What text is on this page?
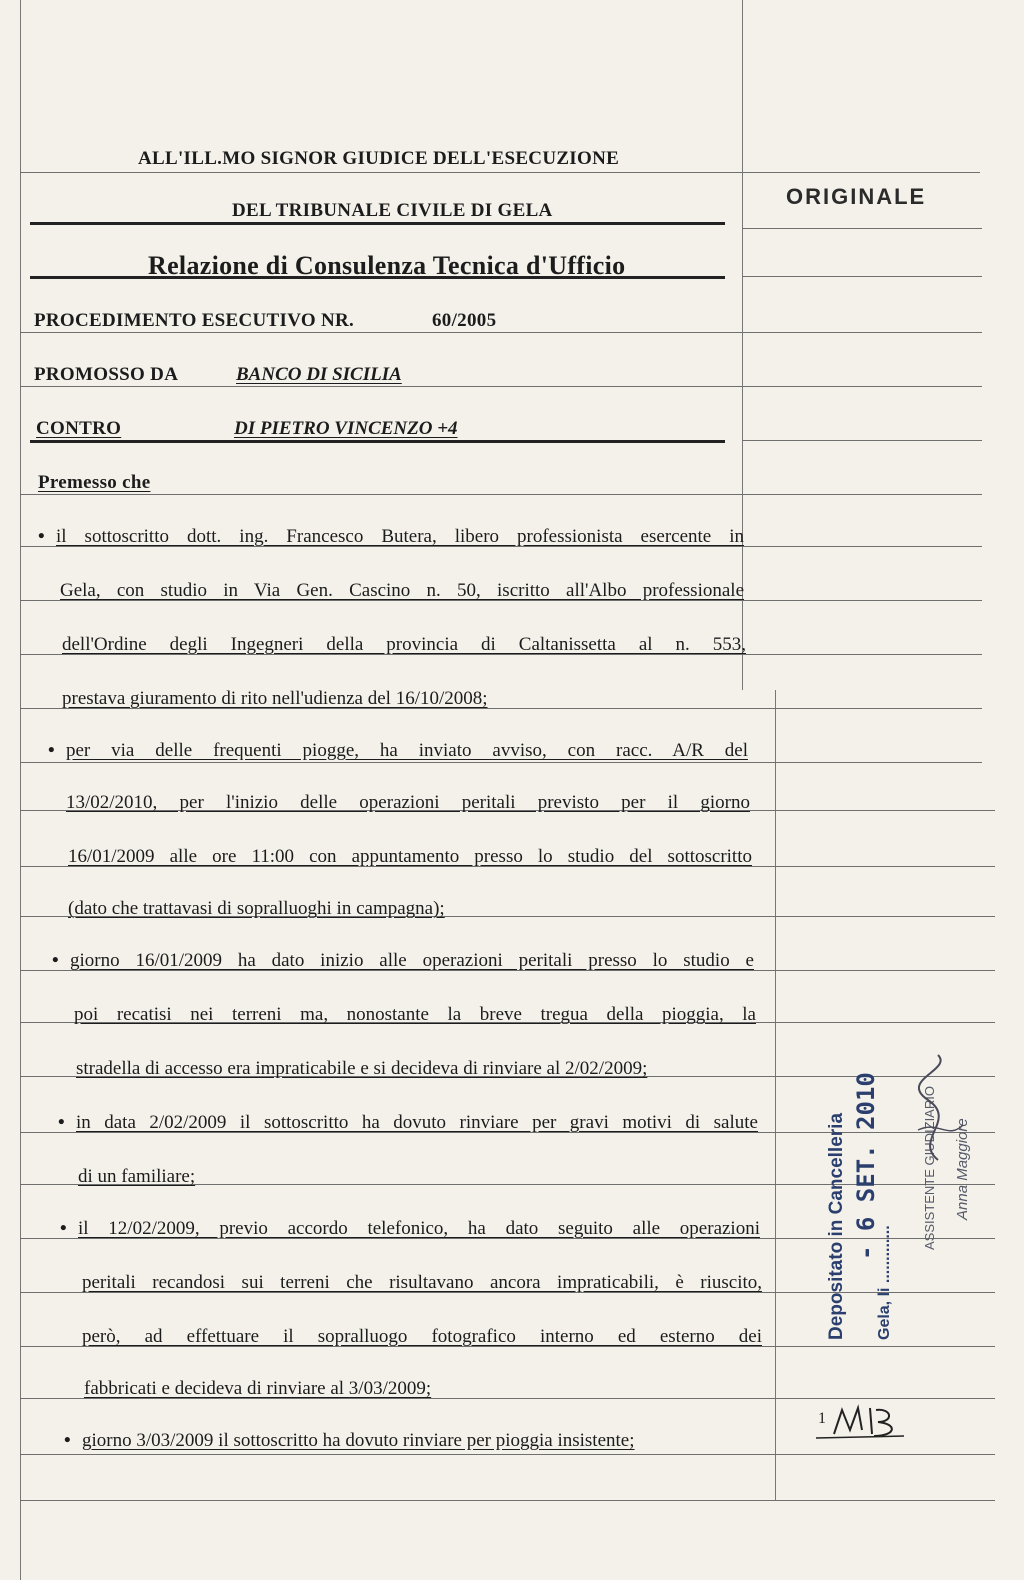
ALL'ILL.MO SIGNOR GIUDICE DELL'ESECUZIONE
DEL TRIBUNALE CIVILE DI GELA
ORIGINALE
Relazione di Consulenza Tecnica d'Ufficio
PROCEDIMENTO ESECUTIVO NR.	60/2005
PROMOSSO DA	BANCO DI SICILIA
CONTRO	DI PIETRO VINCENZO +4
Premesso che
• il sottoscritto dott. ing. Francesco Butera, libero professionista esercente in
Gela, con studio in Via Gen. Cascino n. 50, iscritto all'Albo professionale
dell'Ordine degli Ingegneri della provincia di Caltanissetta al n. 553,
prestava giuramento di rito nell'udienza del 16/10/2008;
• per via delle frequenti piogge, ha inviato avviso, con racc. A/R del
13/02/2010, per l'inizio delle operazioni peritali previsto per il giorno
16/01/2009 alle ore 11:00 con appuntamento presso lo studio del sottoscritto
(dato che trattavasi di sopralluoghi in campagna);
• giorno 16/01/2009 ha dato inizio alle operazioni peritali presso lo studio e
poi recatisi nei terreni ma, nonostante la breve tregua della pioggia, la
stradella di accesso era impraticabile e si decideva di rinviare al 2/02/2009;
• in data 2/02/2009 il sottoscritto ha dovuto rinviare per gravi motivi di salute
di un familiare;
• il 12/02/2009, previo accordo telefonico, ha dato seguito alle operazioni
peritali recandosi sui terreni che risultavano ancora impraticabili, è riuscito,
però, ad effettuare il sopralluogo fotografico interno ed esterno dei
fabbricati e decideva di rinviare al 3/03/2009;
• giorno 3/03/2009 il sottoscritto ha dovuto rinviare per pioggia insistente;
Depositato in Cancelleria - 6 SET. 2010
Gela, li .............
ASSISTENTE GIUDIZIARIO Anna Maggiore
1
